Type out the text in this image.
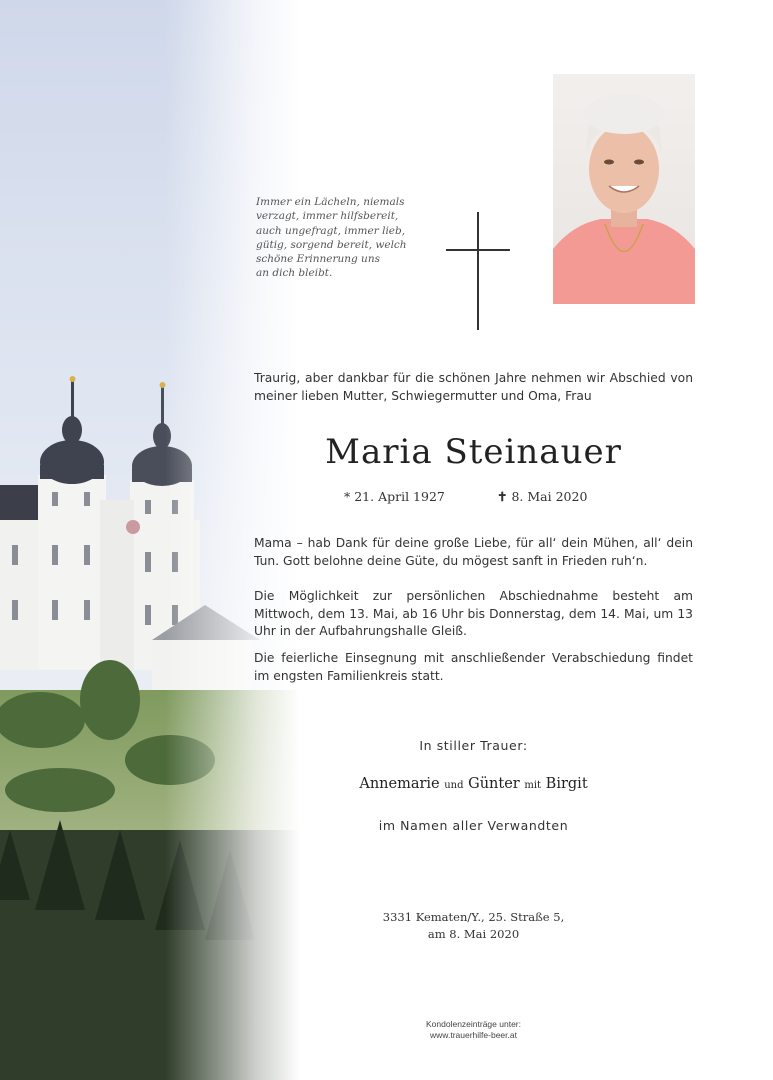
Immer ein Lächeln, niemals
verzagt, immer hilfsbereit,
auch ungefragt, immer lieb,
gütig, sorgend bereit, welch
schöne Erinnerung uns
an dich bleibt.
Traurig, aber dankbar für die schönen Jahre nehmen wir Abschied von meiner lieben Mutter, Schwiegermutter und Oma, Frau
Maria Steinauer
* 21. April 1927	✝ 8. Mai 2020
Mama – hab Dank für deine große Liebe, für all‘ dein Mühen, all‘ dein Tun. Gott belohne deine Güte, du mögest sanft in Frieden ruh‘n.
Die Möglichkeit zur persönlichen Abschiednahme besteht am Mittwoch, dem 13. Mai, ab 16 Uhr bis Donnerstag, dem 14. Mai, um 13 Uhr in der Aufbahrungshalle Gleiß.
Die feierliche Einsegnung mit anschließender Verabschiedung findet im engsten Familienkreis statt.
In stiller Trauer:
Annemarie und Günter mit Birgit
im Namen aller Verwandten
3331 Kematen/Y., 25. Straße 5,
am 8. Mai 2020
Kondolenzeinträge unter:
www.trauerhilfe-beer.at
